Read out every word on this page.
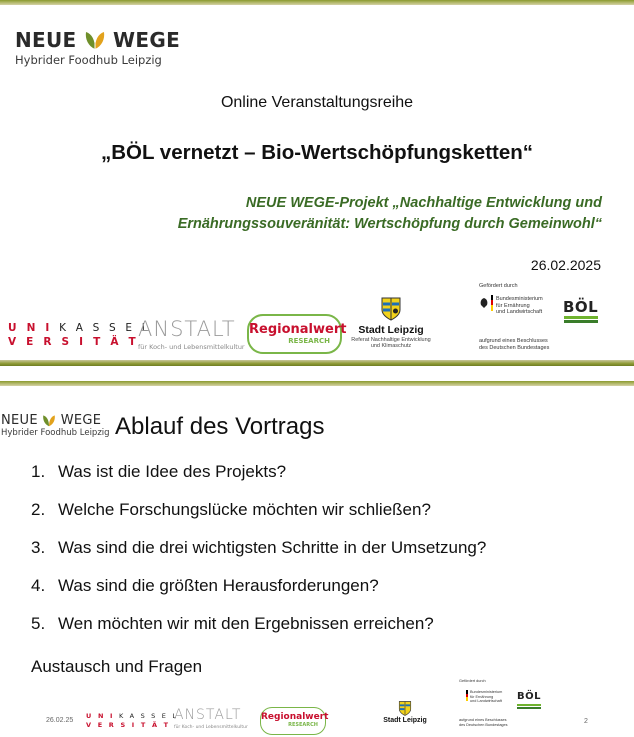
NEUE WEGE
Hybrider Foodhub Leipzig
Online Veranstaltungsreihe
„BÖL vernetzt – Bio-Wertschöpfungsketten“
NEUE WEGE-Projekt „Nachhaltige Entwicklung und
Ernährungssouveränität: Wertschöpfung durch Gemeinwohl“
26.02.2025
U N I K A S S E L
V E R S I T Ä T
ANSTALT
für Koch- und Lebensmittelkultur
Regionalwert
RESEARCH
Stadt Leipzig
Referat Nachhaltige Entwicklung
und Klimaschutz
Gefördert durch
Bundesministerium
für Ernährung
und Landwirtschaft
aufgrund eines Beschlusses
des Deutschen Bundestages
BÖL
NEUE WEGE
Hybrider Foodhub Leipzig Ablauf des Vortrags
1. Was ist die Idee des Projekts?
2. Welche Forschungslücke möchten wir schließen?
3. Was sind die drei wichtigsten Schritte in der Umsetzung?
4. Was sind die größten Herausforderungen?
5. Wen möchten wir mit den Ergebnissen erreichen?
Austausch und Fragen
26.02.25
U N I K A S S E L
V E R S I T Ä T
ANSTALT
für Koch- und Lebensmittelkultur
Regionalwert
RESEARCH
Stadt Leipzig
Gefördert durch
Bundesministerium
für Ernährung
und Landwirtschaft
aufgrund eines Beschlusses
des Deutschen Bundestages
BÖL
2
